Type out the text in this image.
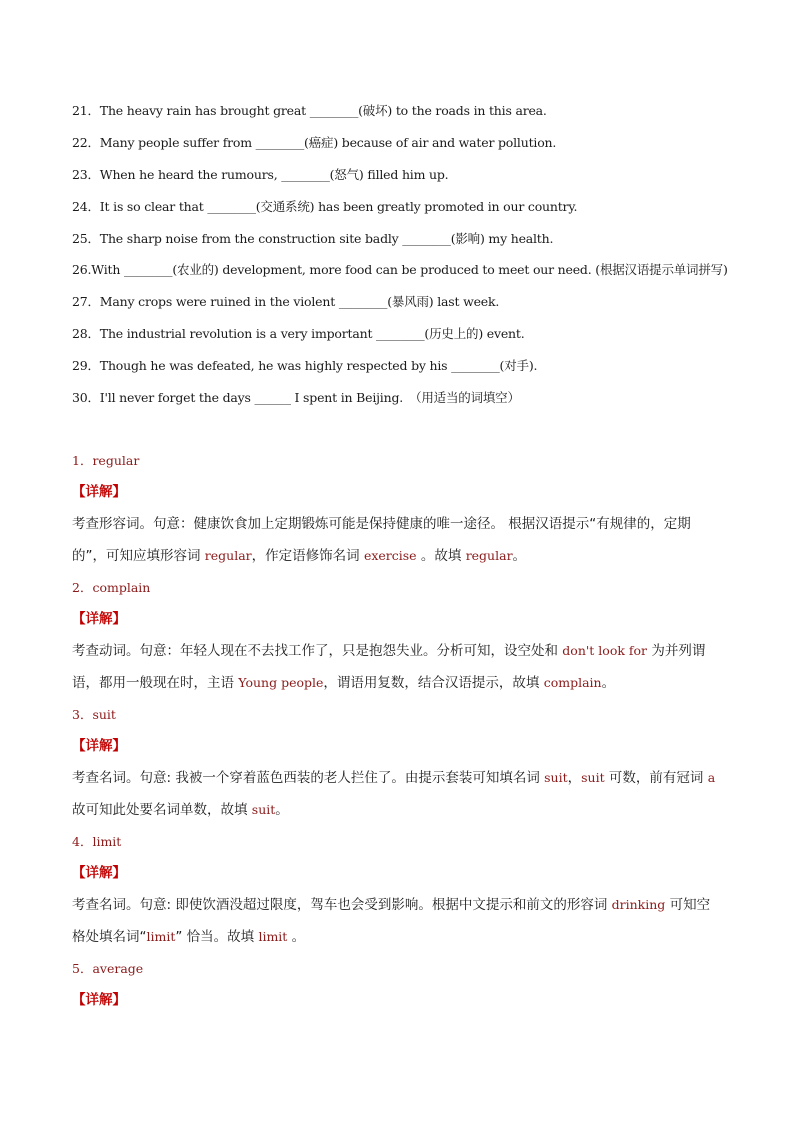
21．The heavy rain has brought great ________(破坏) to the roads in this area.
22．Many people suffer from ________(癌症) because of air and water pollution.
23．When he heard the rumours, ________(怒气) filled him up.
24．It is so clear that ________(交通系统) has been greatly promoted in our country.
25．The sharp noise from the construction site badly ________(影响) my health.
26.With ________(农业的) development, more food can be produced to meet our need. (根据汉语提示单词拼写)
27．Many crops were ruined in the violent ________(暴风雨) last week.
28．The industrial revolution is a very important ________(历史上的) event.
29．Though he was defeated, he was highly respected by his ________(对手).
30．I'll never forget the days ______ I spent in Beijing.　（用适当的词填空）
1．regular
【详解】
考查形容词。句意：健康饮食加上定期锻炼可能是保持健康的唯一途径。 根据汉语提示“有规律的，定期
的”，可知应填形容词 regular，作定语修饰名词 exercise 。故填 regular。
2．complain
【详解】
考查动词。句意：年轻人现在不去找工作了，只是抱怨失业。分析可知，设空处和 don't look for 为并列谓
语，都用一般现在时，主语 Young people，谓语用复数，结合汉语提示，故填 complain。
3．suit
【详解】
考查名词。句意: 我被一个穿着蓝色西装的老人拦住了。由提示套装可知填名词 suit，suit 可数，前有冠词 a
故可知此处要名词单数，故填 suit。
4．limit
【详解】
考查名词。句意: 即使饮酒没超过限度，驾车也会受到影响。根据中文提示和前文的形容词 drinking 可知空
格处填名词“limit” 恰当。故填 limit 。
5．average
【详解】
